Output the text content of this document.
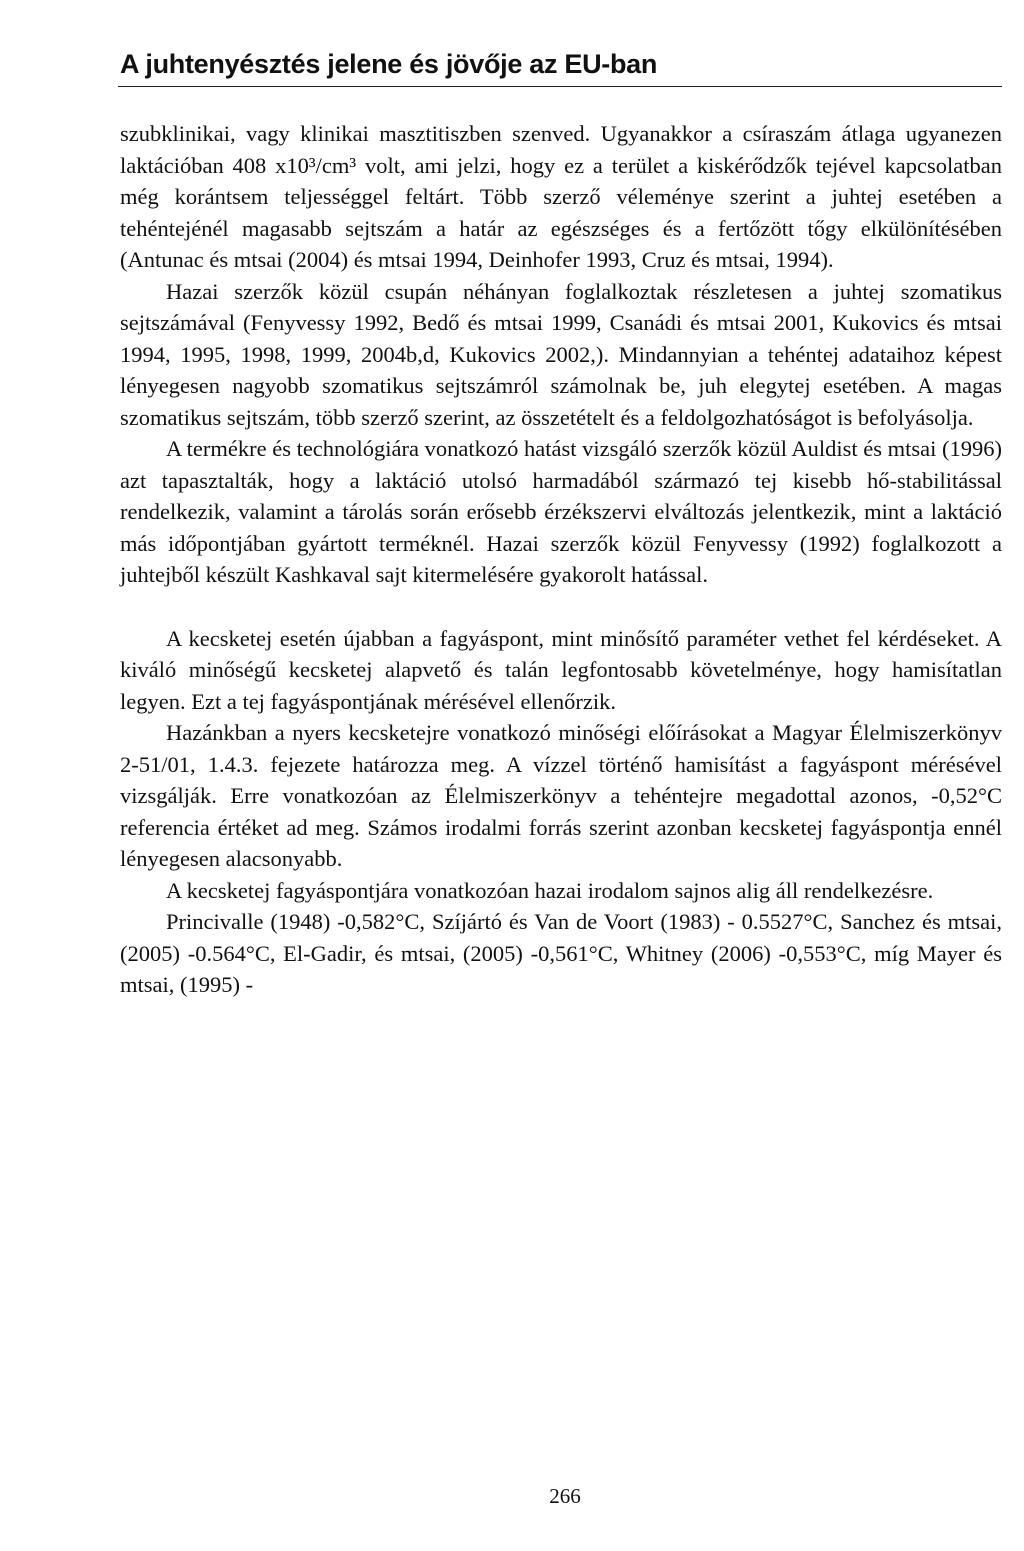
A juhtenyésztés jelene és jövője az EU-ban

szubklinikai, vagy klinikai masztitiszben szenved. Ugyanakkor a csíraszám átlaga ugyanezen laktációban 408 x10³/cm³ volt, ami jelzi, hogy ez a terület a kiskérődzők tejével kapcsolatban még korántsem teljességgel feltárt. Több szerző véleménye szerint a juhtej esetében a tehéntejénél magasabb sejtszám a határ az egészséges és a fertőzött tőgy elkülönítésében (Antunac és mtsai (2004) és mtsai 1994, Deinhofer 1993, Cruz és mtsai, 1994).

Hazai szerzők közül csupán néhányan foglalkoztak részletesen a juhtej szomatikus sejtszámával (Fenyvessy 1992, Bedő és mtsai 1999, Csanádi és mtsai 2001, Kukovics és mtsai 1994, 1995, 1998, 1999, 2004b,d, Kukovics 2002,). Mindannyian a tehéntej adataihoz képest lényegesen nagyobb szomatikus sejtszámról számolnak be, juh elegytej esetében. A magas szomatikus sejtszám, több szerző szerint, az összetételt és a feldolgozhatóságot is befolyásolja.

A termékre és technológiára vonatkozó hatást vizsgáló szerzők közül Auldist és mtsai (1996) azt tapasztalták, hogy a laktáció utolsó harmadából származó tej kisebb hő-stabilitással rendelkezik, valamint a tárolás során erősebb érzékszervi elváltozás jelentkezik, mint a laktáció más időpontjában gyártott terméknél. Hazai szerzők közül Fenyvessy (1992) foglalkozott a juhtejből készült Kashkaval sajt kitermelésére gyakorolt hatással.

A kecsketej esetén újabban a fagyáspont, mint minősítő paraméter vethet fel kérdéseket. A kiváló minőségű kecsketej alapvető és talán legfontosabb követelménye, hogy hamisítatlan legyen. Ezt a tej fagyáspontjának mérésével ellenőrzik.

Hazánkban a nyers kecsketejre vonatkozó minőségi előírásokat a Magyar Élelmiszerkönyv 2-51/01, 1.4.3. fejezete határozza meg. A vízzel történő hamisítást a fagyáspont mérésével vizsgálják. Erre vonatkozóan az Élelmiszerkönyv a tehéntejre megadottal azonos, -0,52°C referencia értéket ad meg. Számos irodalmi forrás szerint azonban kecsketej fagyáspontja ennél lényegesen alacsonyabb.

A kecsketej fagyáspontjára vonatkozóan hazai irodalom sajnos alig áll rendelkezésre.

Princivalle (1948) -0,582°C, Szíjártó és Van de Voort (1983) - 0.5527°C, Sanchez és mtsai, (2005) -0.564°C, El-Gadir, és mtsai, (2005) -0,561°C, Whitney (2006) -0,553°C, míg Mayer és mtsai, (1995) -

266
